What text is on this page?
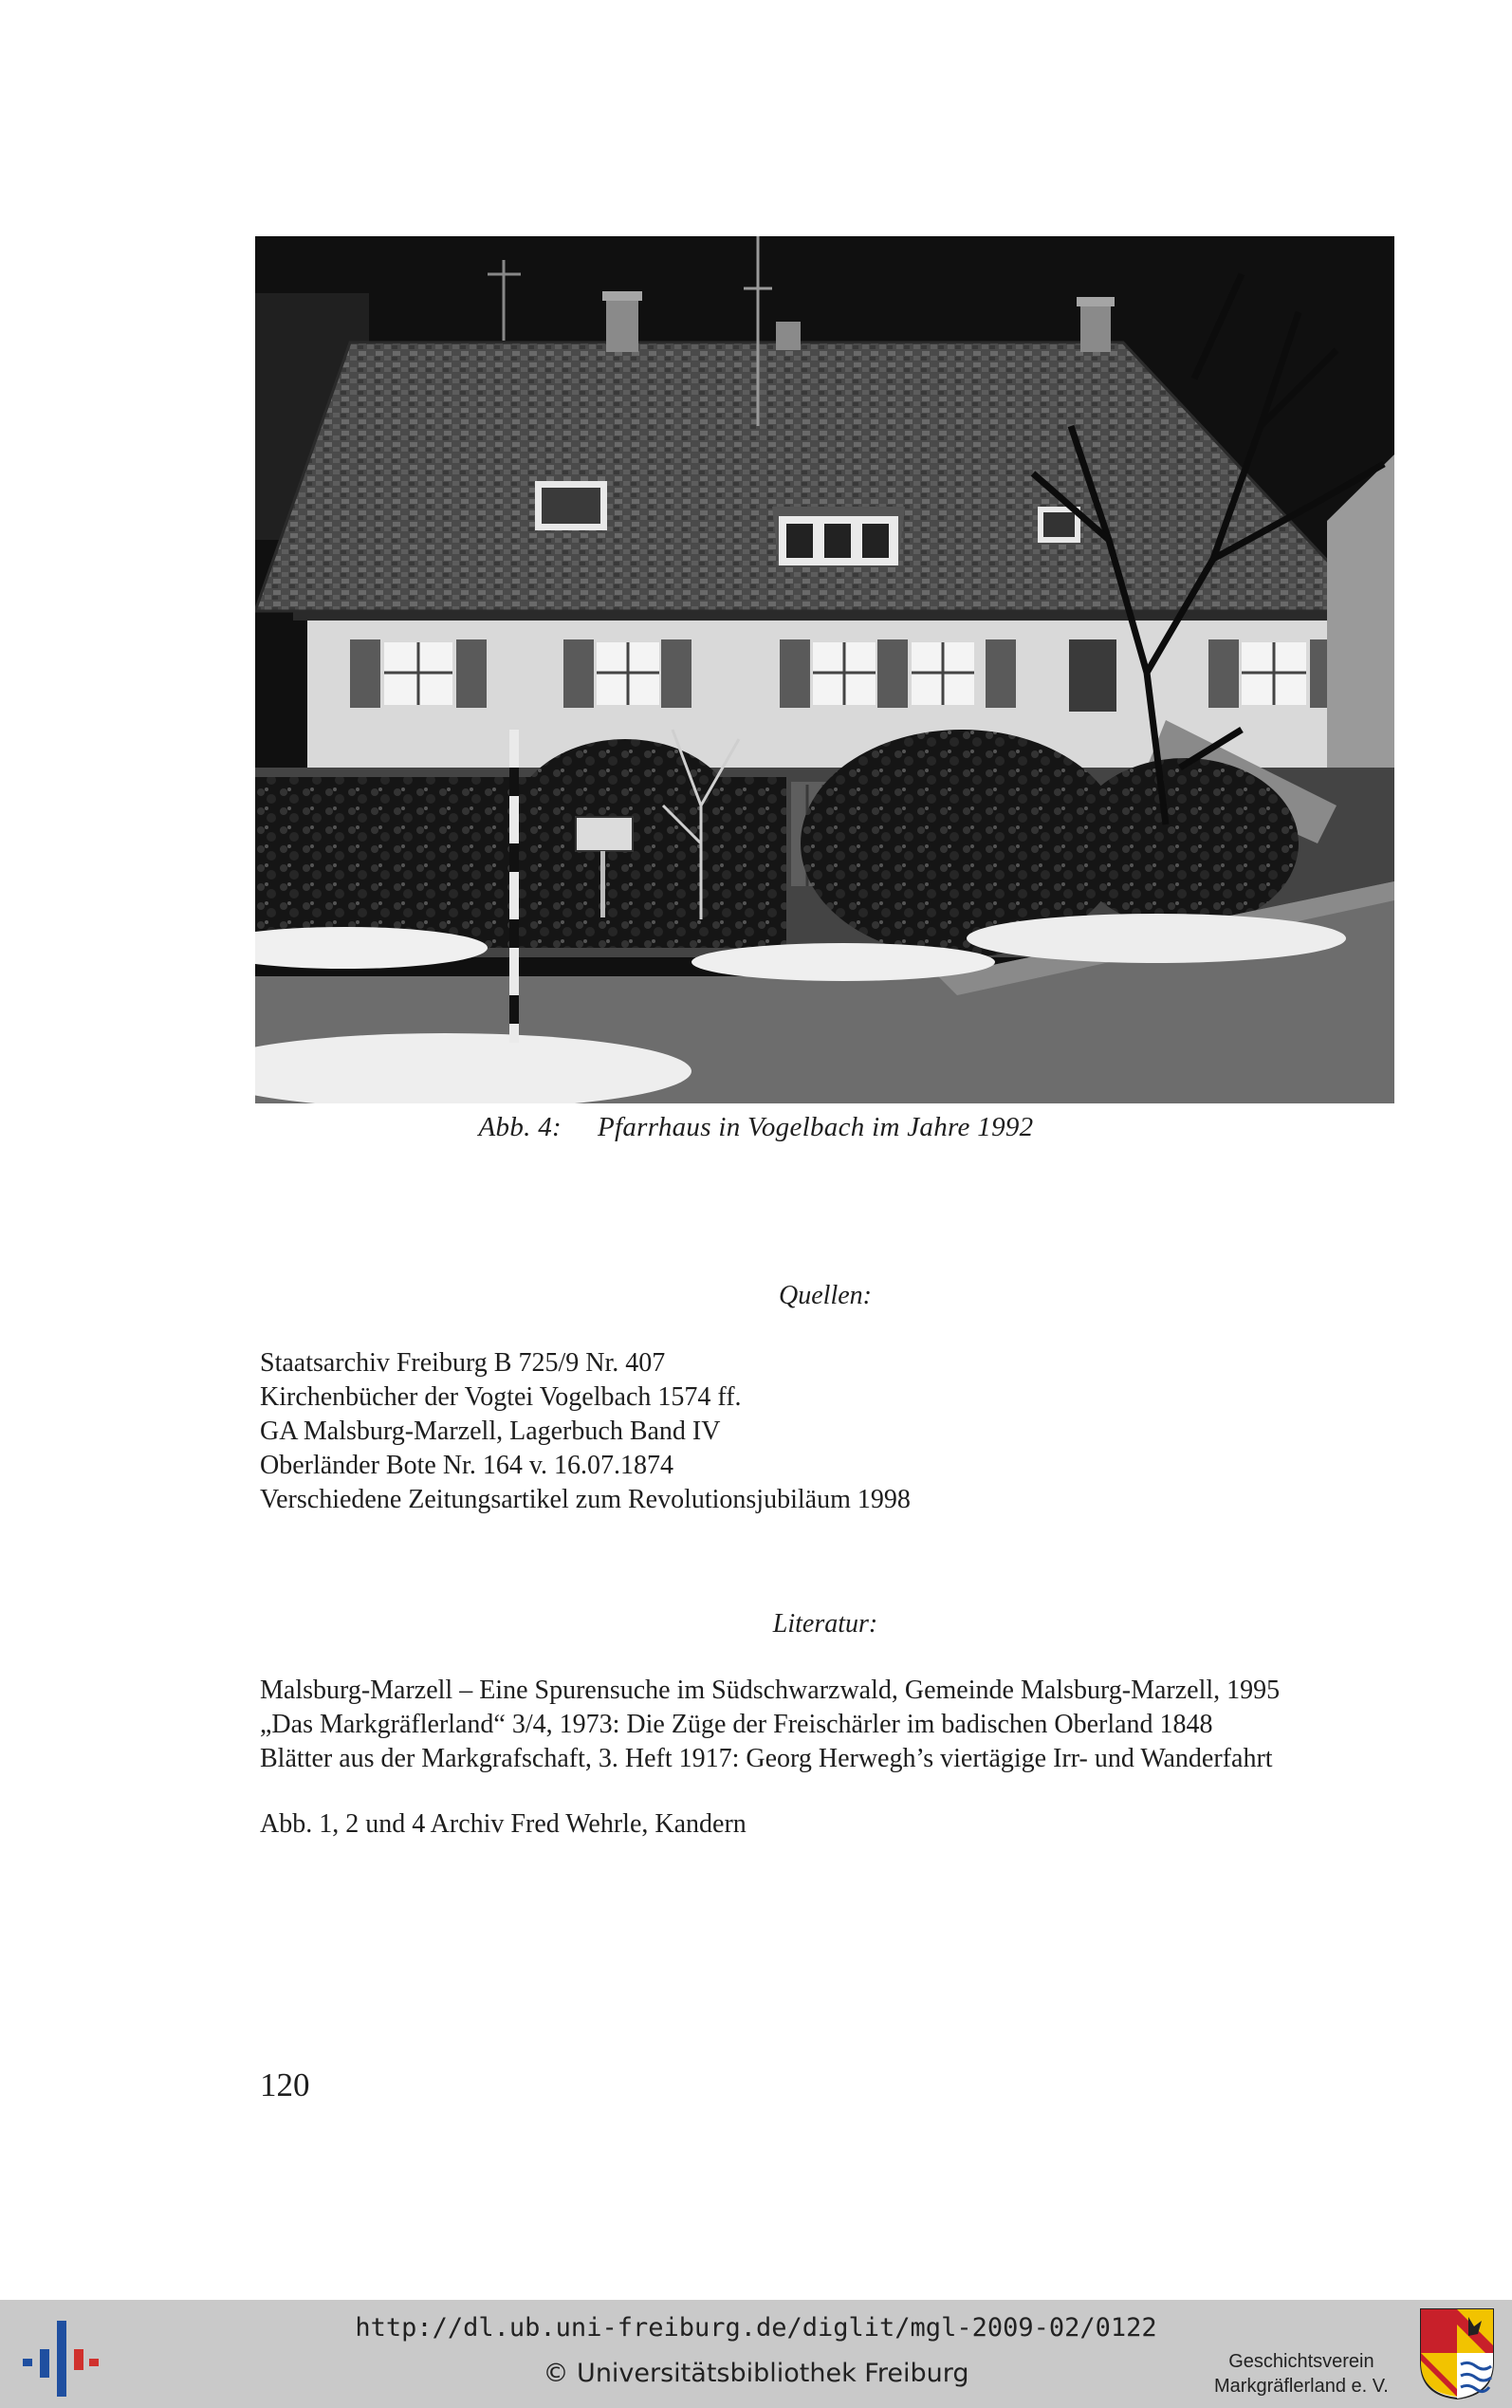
Abb. 4: Pfarrhaus in Vogelbach im Jahre 1992
Quellen:
Staatsarchiv Freiburg B 725/9 Nr. 407
Kirchenbücher der Vogtei Vogelbach 1574 ff.
GA Malsburg-Marzell, Lagerbuch Band IV
Oberländer Bote Nr. 164 v. 16.07.1874
Verschiedene Zeitungsartikel zum Revolutionsjubiläum 1998
Literatur:
Malsburg-Marzell – Eine Spurensuche im Südschwarzwald, Gemeinde Malsburg-Marzell, 1995
„Das Markgräflerland“ 3/4, 1973: Die Züge der Freischärler im badischen Oberland 1848
Blätter aus der Markgrafschaft, 3. Heft 1917: Georg Herwegh’s viertägige Irr- und Wanderfahrt
Abb. 1, 2 und 4 Archiv Fred Wehrle, Kandern
120
http://dl.ub.uni-freiburg.de/diglit/mgl-2009-02/0122
© Universitätsbibliothek Freiburg	Geschichtsverein
Markgräflerland e. V.
